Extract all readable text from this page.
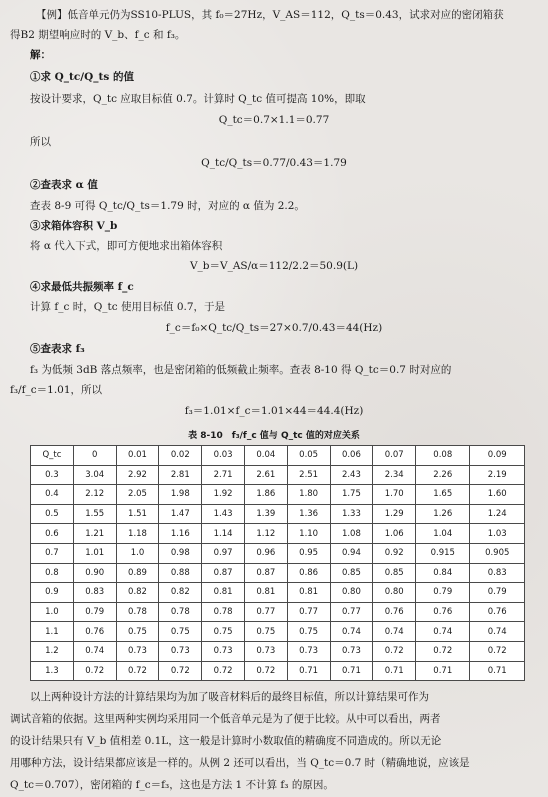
【例】低音单元仍为SS10-PLUS，其 f₀＝27Hz，V_AS＝112，Q_ts＝0.43，试求对应的密闭箱获
得B2 期望响应时的 V_b、f_c 和 f₃。
解：
①求 Q_tc/Q_ts 的值
按设计要求，Q_tc 应取目标值 0.7。计算时 Q_tc 值可提高 10%，即取
Q_tc＝0.7×1.1＝0.77
所以
Q_tc/Q_ts＝0.77/0.43＝1.79
②查表求 α 值
查表 8-9 可得 Q_tc/Q_ts＝1.79 时，对应的 α 值为 2.2。
③求箱体容积 V_b
将 α 代入下式，即可方便地求出箱体容积
V_b＝V_AS/α＝112/2.2＝50.9(L)
④求最低共振频率 f_c
计算 f_c 时，Q_tc 使用目标值 0.7，于是
f_c＝f₀×Q_tc/Q_ts＝27×0.7/0.43＝44(Hz)
⑤查表求 f₃
f₃ 为低频 3dB 落点频率，也是密闭箱的低频截止频率。查表 8-10 得 Q_tc＝0.7 时对应的
f₃/f_c＝1.01，所以
f₃＝1.01×f_c＝1.01×44＝44.4(Hz)
表 8-10　f₃/f_c 值与 Q_tc 值的对应关系
Q_tc	0	0.01	0.02	0.03	0.04	0.05	0.06	0.07	0.08	0.09
0.3	3.04	2.92	2.81	2.71	2.61	2.51	2.43	2.34	2.26	2.19
0.4	2.12	2.05	1.98	1.92	1.86	1.80	1.75	1.70	1.65	1.60
0.5	1.55	1.51	1.47	1.43	1.39	1.36	1.33	1.29	1.26	1.24
0.6	1.21	1.18	1.16	1.14	1.12	1.10	1.08	1.06	1.04	1.03
0.7	1.01	1.0	0.98	0.97	0.96	0.95	0.94	0.92	0.915	0.905
0.8	0.90	0.89	0.88	0.87	0.87	0.86	0.85	0.85	0.84	0.83
0.9	0.83	0.82	0.82	0.81	0.81	0.81	0.80	0.80	0.79	0.79
1.0	0.79	0.78	0.78	0.78	0.77	0.77	0.77	0.76	0.76	0.76
1.1	0.76	0.75	0.75	0.75	0.75	0.75	0.74	0.74	0.74	0.74
1.2	0.74	0.73	0.73	0.73	0.73	0.73	0.73	0.72	0.72	0.72
1.3	0.72	0.72	0.72	0.72	0.72	0.71	0.71	0.71	0.71	0.71
以上两种设计方法的计算结果均为加了吸音材料后的最终目标值，所以计算结果可作为
调试音箱的依据。这里两种实例均采用同一个低音单元是为了便于比较。从中可以看出，两者
的设计结果只有 V_b 值相差 0.1L，这一般是计算时小数取值的精确度不同造成的。所以无论
用哪种方法，设计结果都应该是一样的。从例 2 还可以看出，当 Q_tc＝0.7 时（精确地说，应该是
Q_tc＝0.707），密闭箱的 f_c＝f₃，这也是方法 1 不计算 f₃ 的原因。
